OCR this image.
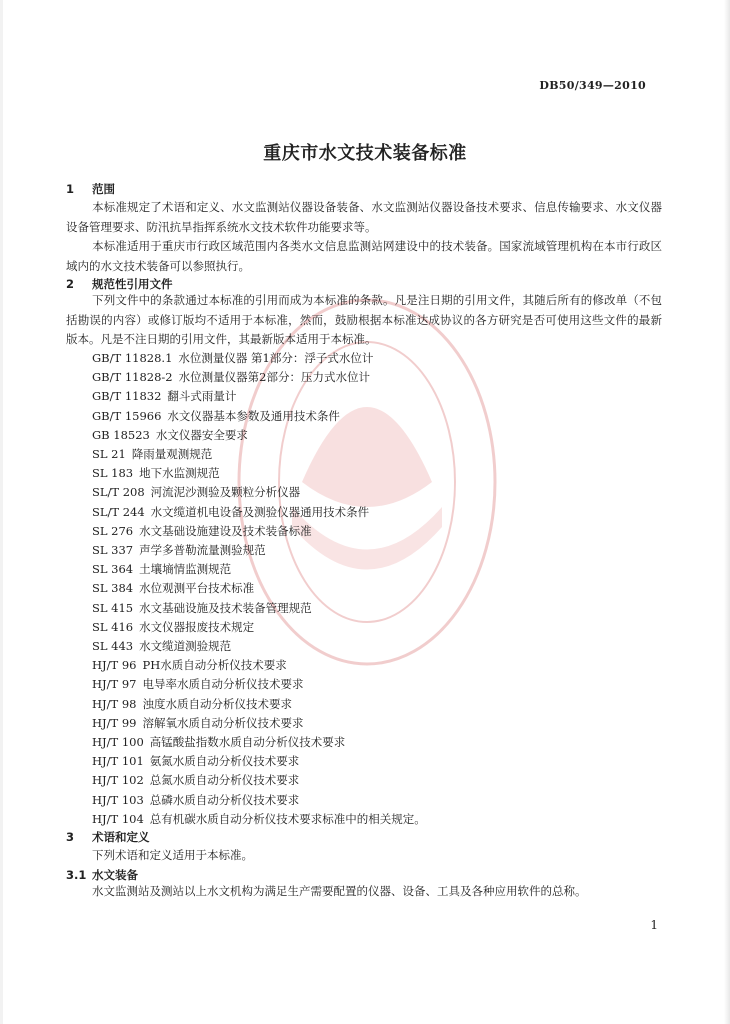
DB50/349—2010
重庆市水文技术装备标准
1 范围
本标准规定了术语和定义、水文监测站仪器设备装备、水文监测站仪器设备技术要求、信息传输要求、水文仪器设备管理要求、防汛抗旱指挥系统水文技术软件功能要求等。
本标准适用于重庆市行政区域范围内各类水文信息监测站网建设中的技术装备。国家流域管理机构在本市行政区域内的水文技术装备可以参照执行。
2 规范性引用文件
下列文件中的条款通过本标准的引用而成为本标准的条款。凡是注日期的引用文件，其随后所有的修改单（不包括勘误的内容）或修订版均不适用于本标准，然而，鼓励根据本标准达成协议的各方研究是否可使用这些文件的最新版本。凡是不注日期的引用文件，其最新版本适用于本标准。
GB/T 11828.1 水位测量仪器 第1部分：浮子式水位计
GB/T 11828-2 水位测量仪器第2部分：压力式水位计
GB/T 11832 翻斗式雨量计
GB/T 15966 水文仪器基本参数及通用技术条件
GB 18523 水文仪器安全要求
SL 21 降雨量观测规范
SL 183 地下水监测规范
SL/T 208 河流泥沙测验及颗粒分析仪器
SL/T 244 水文缆道机电设备及测验仪器通用技术条件
SL 276 水文基础设施建设及技术装备标准
SL 337 声学多普勒流量测验规范
SL 364 土壤墒情监测规范
SL 384 水位观测平台技术标准
SL 415 水文基础设施及技术装备管理规范
SL 416 水文仪器报废技术规定
SL 443 水文缆道测验规范
HJ/T 96 PH水质自动分析仪技术要求
HJ/T 97 电导率水质自动分析仪技术要求
HJ/T 98 浊度水质自动分析仪技术要求
HJ/T 99 溶解氧水质自动分析仪技术要求
HJ/T 100 高锰酸盐指数水质自动分析仪技术要求
HJ/T 101 氨氮水质自动分析仪技术要求
HJ/T 102 总氮水质自动分析仪技术要求
HJ/T 103 总磷水质自动分析仪技术要求
HJ/T 104 总有机碳水质自动分析仪技术要求标准中的相关规定。
3 术语和定义
下列术语和定义适用于本标准。
3.1 水文装备
水文监测站及测站以上水文机构为满足生产需要配置的仪器、设备、工具及各种应用软件的总称。
1
